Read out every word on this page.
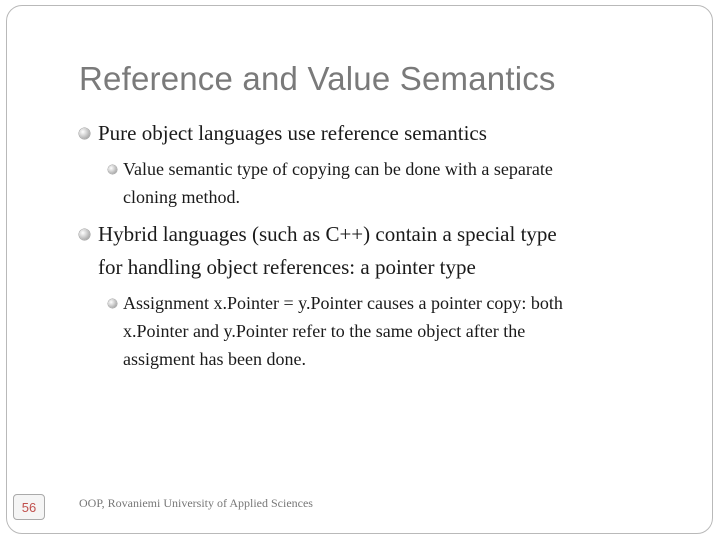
Reference and Value Semantics
Pure object languages use reference semantics
Value semantic type of copying can be done with a separate
cloning method.
Hybrid languages (such as C++) contain a special type
for handling object references: a pointer type
Assignment x.Pointer = y.Pointer causes a pointer copy: both
x.Pointer and y.Pointer refer to the same object after the
assigment has been done.
56	OOP, Rovaniemi University of Applied Sciences
